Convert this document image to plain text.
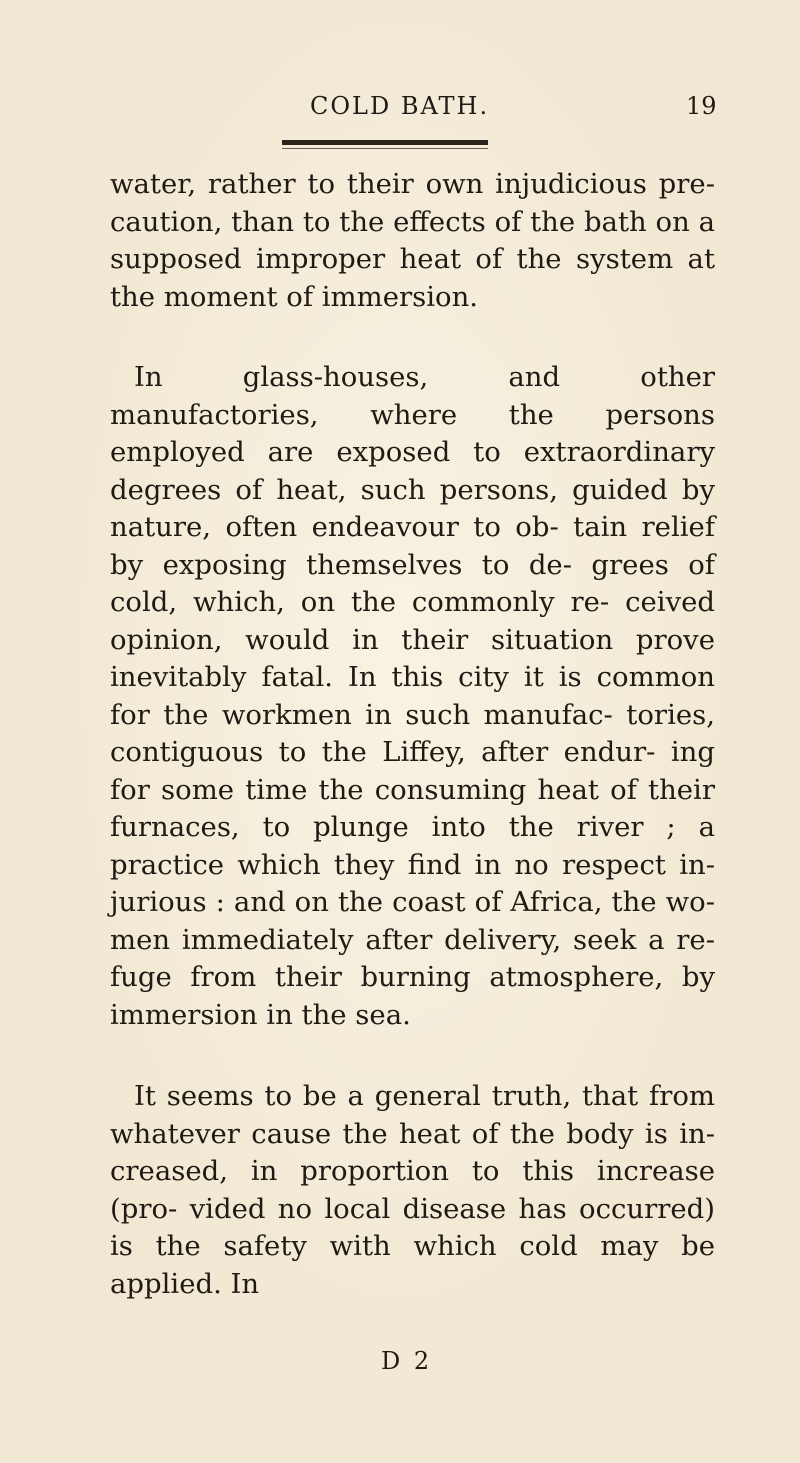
COLD BATH.	19

water, rather to their own injudicious pre- caution, than to the effects of the bath on a supposed improper heat of the system at the moment of immersion.

In glass-houses, and other manufactories, where the persons employed are exposed to extraordinary degrees of heat, such persons, guided by nature, often endeavour to ob- tain relief by exposing themselves to de- grees of cold, which, on the commonly re- ceived opinion, would in their situation prove inevitably fatal. In this city it is common for the workmen in such manufac- tories, contiguous to the Liffey, after endur- ing for some time the consuming heat of their furnaces, to plunge into the river ; a practice which they find in no respect in- jurious : and on the coast of Africa, the wo- men immediately after delivery, seek a re- fuge from their burning atmosphere, by immersion in the sea.

It seems to be a general truth, that from whatever cause the heat of the body is in- creased, in proportion to this increase (pro- vided no local disease has occurred) is the safety with which cold may be applied. In

D 2
